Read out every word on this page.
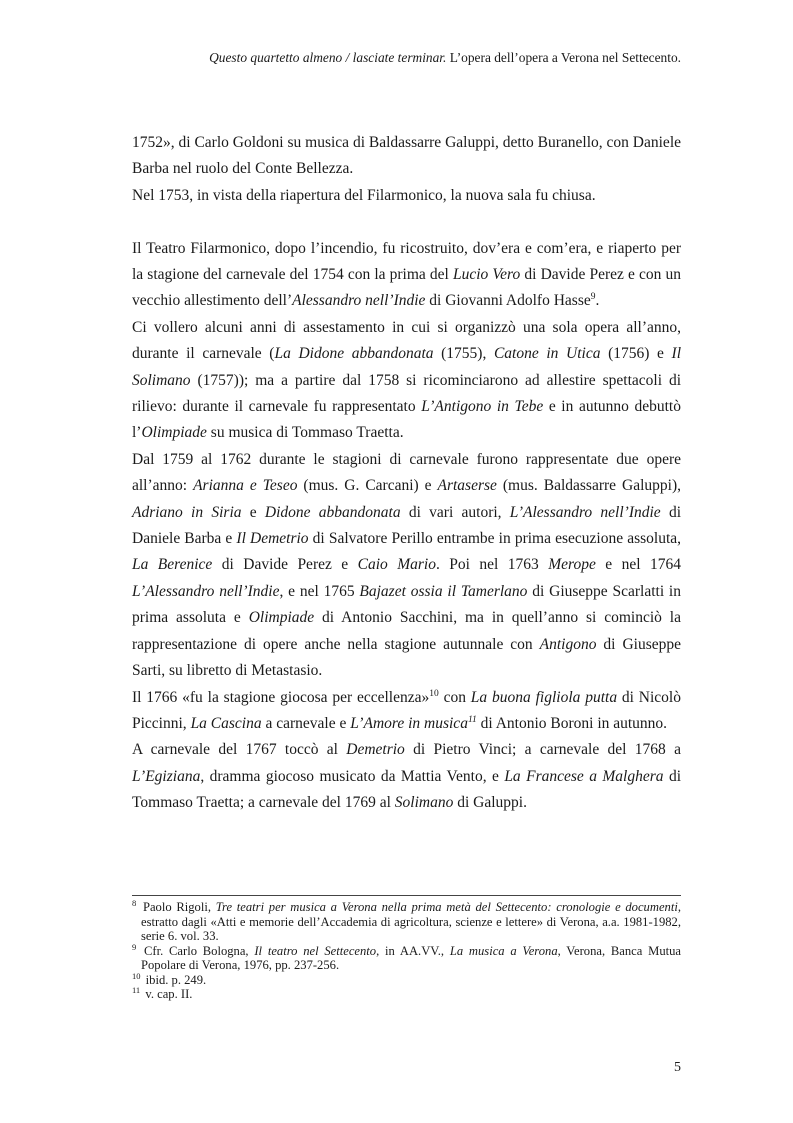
Questo quartetto almeno / lasciate terminar. L’opera dell’opera a Verona nel Settecento.

1752», di Carlo Goldoni su musica di Baldassarre Galuppi, detto Buranello, con Daniele Barba nel ruolo del Conte Bellezza.

Nel 1753, in vista della riapertura del Filarmonico, la nuova sala fu chiusa.

Il Teatro Filarmonico, dopo l’incendio, fu ricostruito, dov’era e com’era, e riaperto per la stagione del carnevale del 1754 con la prima del Lucio Vero di Davide Perez e con un vecchio allestimento dell’Alessandro nell’Indie di Giovanni Adolfo Hasse$^9$.

Ci vollero alcuni anni di assestamento in cui si organizzò una sola opera all’anno, durante il carnevale (La Didone abbandonata (1755), Catone in Utica (1756) e Il Solimano (1757)); ma a partire dal 1758 si ricominciarono ad allestire spettacoli di rilievo: durante il carnevale fu rappresentato L’Antigono in Tebe e in autunno debuttò l’Olimpiade su musica di Tommaso Traetta.

Dal 1759 al 1762 durante le stagioni di carnevale furono rappresentate due opere all’anno: Arianna e Teseo (mus. G. Carcani) e Artaserse (mus. Baldassarre Galuppi), Adriano in Siria e Didone abbandonata di vari autori, L’Alessandro nell’Indie di Daniele Barba e Il Demetrio di Salvatore Perillo entrambe in prima esecuzione assoluta, La Berenice di Davide Perez e Caio Mario. Poi nel 1763 Merope e nel 1764 L’Alessandro nell’Indie, e nel 1765 Bajazet ossia il Tamerlano di Giuseppe Scarlatti in prima assoluta e Olimpiade di Antonio Sacchini, ma in quell’anno si cominciò la rappresentazione di opere anche nella stagione autunnale con Antigono di Giuseppe Sarti, su libretto di Metastasio.

Il 1766 «fu la stagione giocosa per eccellenza»$^{10}$ con La buona figliola putta di Nicolò Piccinni, La Cascina a carnevale e L’Amore in musica$^{11}$ di Antonio Boroni in autunno.

A carnevale del 1767 toccò al Demetrio di Pietro Vinci; a carnevale del 1768 a L’Egiziana, dramma giocoso musicato da Mattia Vento, e La Francese a Malghera di Tommaso Traetta; a carnevale del 1769 al Solimano di Galuppi.

$^8$ Paolo Rigoli, Tre teatri per musica a Verona nella prima metà del Settecento: cronologie e documenti, estratto dagli «Atti e memorie dell’Accademia di agricoltura, scienze e lettere» di Verona, a.a. 1981-1982, serie 6. vol. 33.

$^9$ Cfr. Carlo Bologna, Il teatro nel Settecento, in AA.VV., La musica a Verona, Verona, Banca Mutua Popolare di Verona, 1976, pp. 237-256.

$^{10}$ ibid. p. 249.

$^{11}$ v. cap. II.

5
